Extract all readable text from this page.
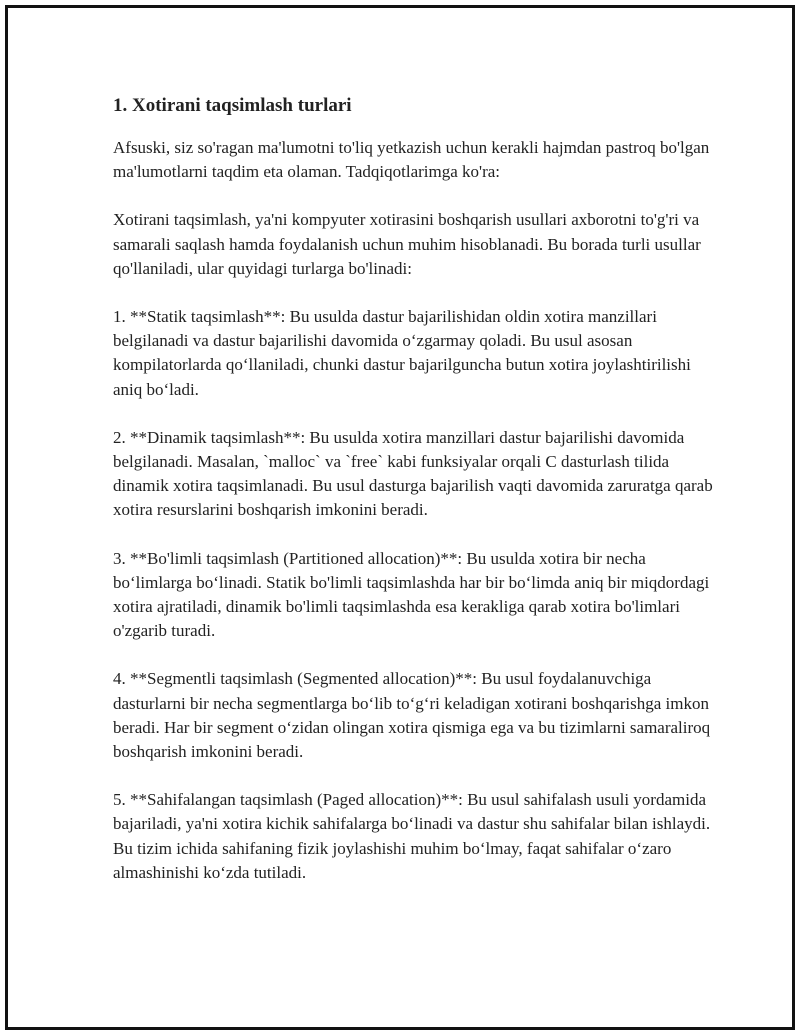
1. Xotirani taqsimlash turlari

Afsuski, siz so'ragan ma'lumotni to'liq yetkazish uchun kerakli hajmdan pastroq bo'lgan ma'lumotlarni taqdim eta olaman. Tadqiqotlarimga ko'ra:

Xotirani taqsimlash, ya'ni kompyuter xotirasini boshqarish usullari axborotni to'g'ri va samarali saqlash hamda foydalanish uchun muhim hisoblanadi. Bu borada turli usullar qo'llaniladi, ular quyidagi turlarga bo'linadi:

1. **Statik taqsimlash**: Bu usulda dastur bajarilishidan oldin xotira manzillari belgilanadi va dastur bajarilishi davomida o‘zgarmay qoladi. Bu usul asosan kompilatorlarda qo‘llaniladi, chunki dastur bajarilguncha butun xotira joylashtirilishi aniq bo‘ladi.

2. **Dinamik taqsimlash**: Bu usulda xotira manzillari dastur bajarilishi davomida belgilanadi. Masalan, `malloc` va `free` kabi funksiyalar orqali C dasturlash tilida dinamik xotira taqsimlanadi. Bu usul dasturga bajarilish vaqti davomida zaruratga qarab xotira resurslarini boshqarish imkonini beradi.

3. **Bo'limli taqsimlash (Partitioned allocation)**: Bu usulda xotira bir necha bo‘limlarga bo‘linadi. Statik bo'limli taqsimlashda har bir bo‘limda aniq bir miqdordagi xotira ajratiladi, dinamik bo'limli taqsimlashda esa kerakliga qarab xotira bo'limlari o'zgarib turadi.

4. **Segmentli taqsimlash (Segmented allocation)**: Bu usul foydalanuvchiga dasturlarni bir necha segmentlarga bo‘lib to‘g‘ri keladigan xotirani boshqarishga imkon beradi. Har bir segment o‘zidan olingan xotira qismiga ega va bu tizimlarni samaraliroq boshqarish imkonini beradi.

5. **Sahifalangan taqsimlash (Paged allocation)**: Bu usul sahifalash usuli yordamida bajariladi, ya'ni xotira kichik sahifalarga bo‘linadi va dastur shu sahifalar bilan ishlaydi. Bu tizim ichida sahifaning fizik joylashishi muhim bo‘lmay, faqat sahifalar o‘zaro almashinishi ko‘zda tutiladi.
